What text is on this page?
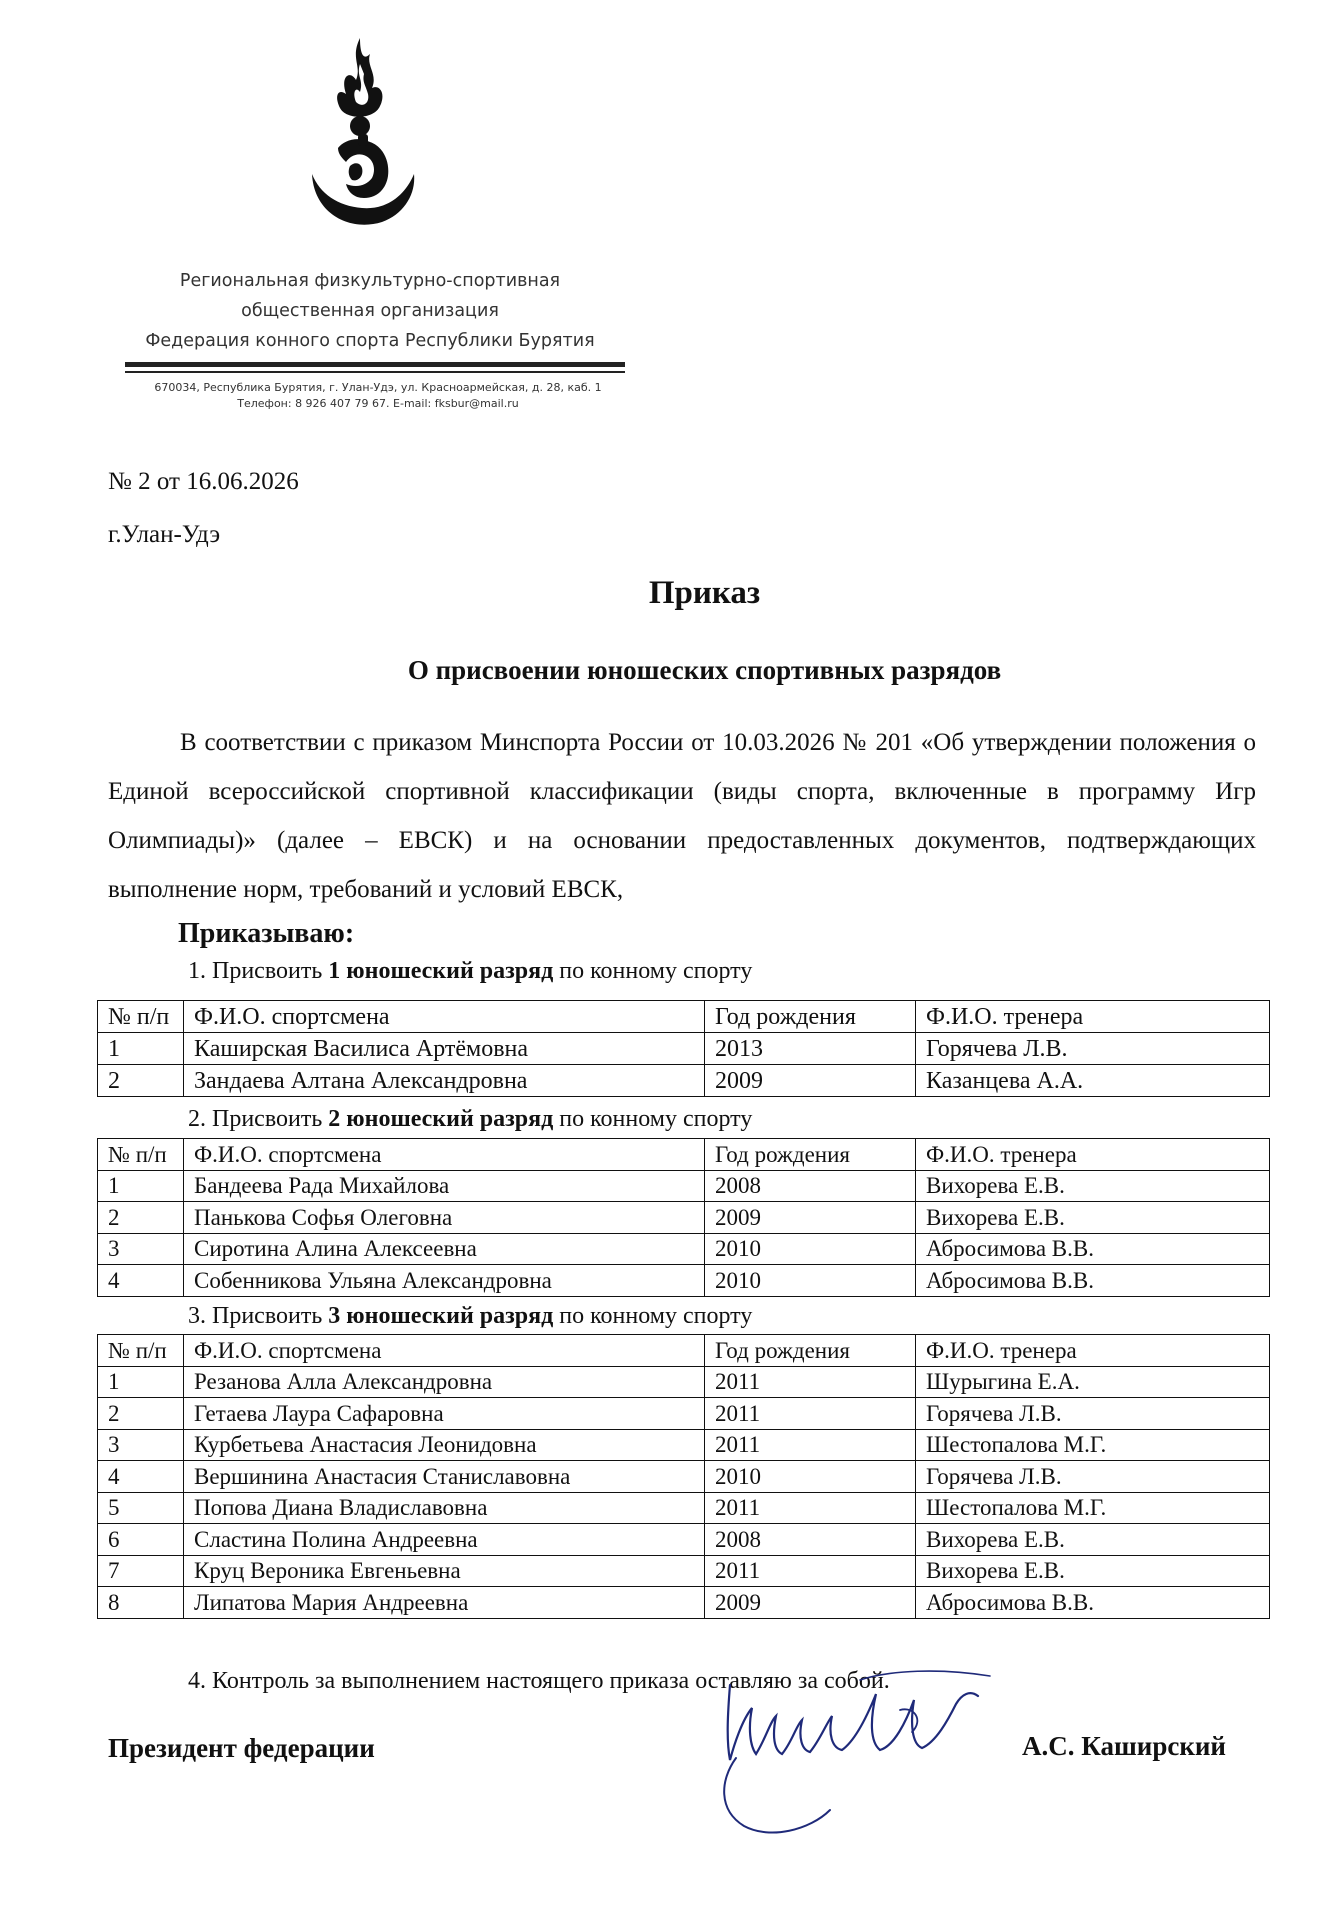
Региональная физкультурно-спортивная
общественная организация
Федерация конного спорта Республики Бурятия
670034, Республика Бурятия, г. Улан-Удэ, ул. Красноармейская, д. 28, каб. 1
Телефон: 8 926 407 79 67. E-mail: fksbur@mail.ru
№ 2 от 16.06.2026
г.Улан-Удэ
Приказ
О присвоении юношеских спортивных разрядов
В соответствии с приказом Минспорта России от 10.03.2026 № 201 «Об утверждении положения о Единой всероссийской спортивной классификации (виды спорта, включенные в программу Игр Олимпиады)» (далее – ЕВСК) и на основании предоставленных документов, подтверждающих выполнение норм, требований и условий ЕВСК,
Приказываю:
1. Присвоить 1 юношеский разряд по конному спорту
№ п/п	Ф.И.О. спортсмена	Год рождения	Ф.И.О. тренера
1	Каширская Василиса Артёмовна	2013	Горячева Л.В.
2	Зандаева Алтана Александровна	2009	Казанцева А.А.
2. Присвоить 2 юношеский разряд по конному спорту
№ п/п	Ф.И.О. спортсмена	Год рождения	Ф.И.О. тренера
1	Бандеева Рада Михайлова	2008	Вихорева Е.В.
2	Панькова Софья Олеговна	2009	Вихорева Е.В.
3	Сиротина Алина Алексеевна	2010	Абросимова В.В.
4	Собенникова Ульяна Александровна	2010	Абросимова В.В.
3. Присвоить 3 юношеский разряд по конному спорту
№ п/п	Ф.И.О. спортсмена	Год рождения	Ф.И.О. тренера
1	Резанова Алла Александровна	2011	Шурыгина Е.А.
2	Гетаева Лаура Сафаровна	2011	Горячева Л.В.
3	Курбетьева Анастасия Леонидовна	2011	Шестопалова М.Г.
4	Вершинина Анастасия Станиславовна	2010	Горячева Л.В.
5	Попова Диана Владиславовна	2011	Шестопалова М.Г.
6	Сластина Полина Андреевна	2008	Вихорева Е.В.
7	Круц Вероника Евгеньевна	2011	Вихорева Е.В.
8	Липатова Мария Андреевна	2009	Абросимова В.В.
4. Контроль за выполнением настоящего приказа оставляю за собой.
Президент федерации	А.С. Каширский
